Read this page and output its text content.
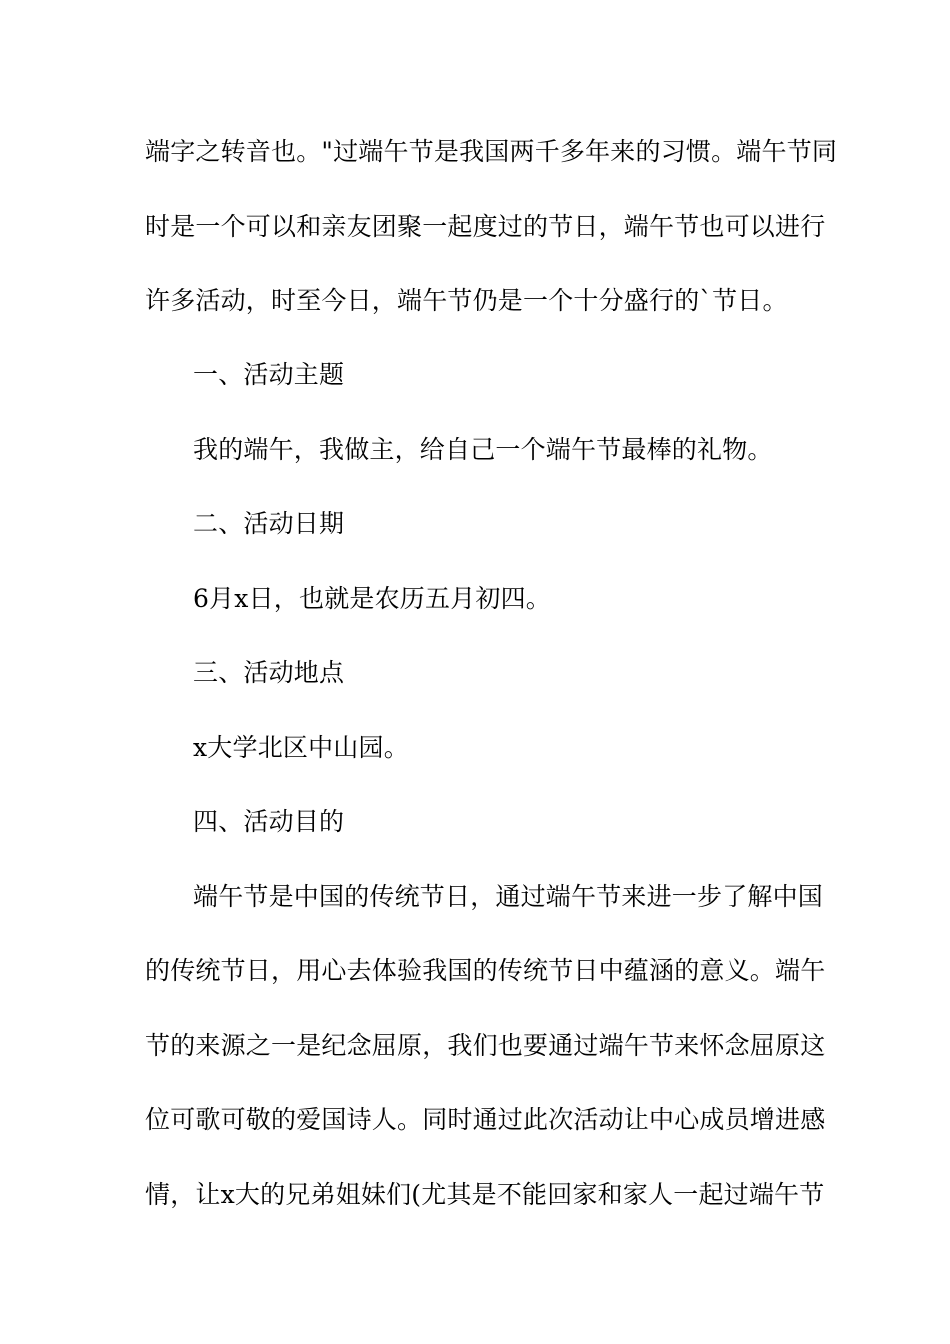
端字之转音也。"过端午节是我国两千多年来的习惯。端午节同
时是一个可以和亲友团聚一起度过的节日，端午节也可以进行
许多活动，时至今日，端午节仍是一个十分盛行的`节日。
一、活动主题
我的端午，我做主，给自己一个端午节最棒的礼物。
二、活动日期
6月x日，也就是农历五月初四。
三、活动地点
x大学北区中山园。
四、活动目的
端午节是中国的传统节日，通过端午节来进一步了解中国
的传统节日，用心去体验我国的传统节日中蕴涵的意义。端午
节的来源之一是纪念屈原，我们也要通过端午节来怀念屈原这
位可歌可敬的爱国诗人。同时通过此次活动让中心成员增进感
情，让x大的兄弟姐妹们(尤其是不能回家和家人一起过端午节
